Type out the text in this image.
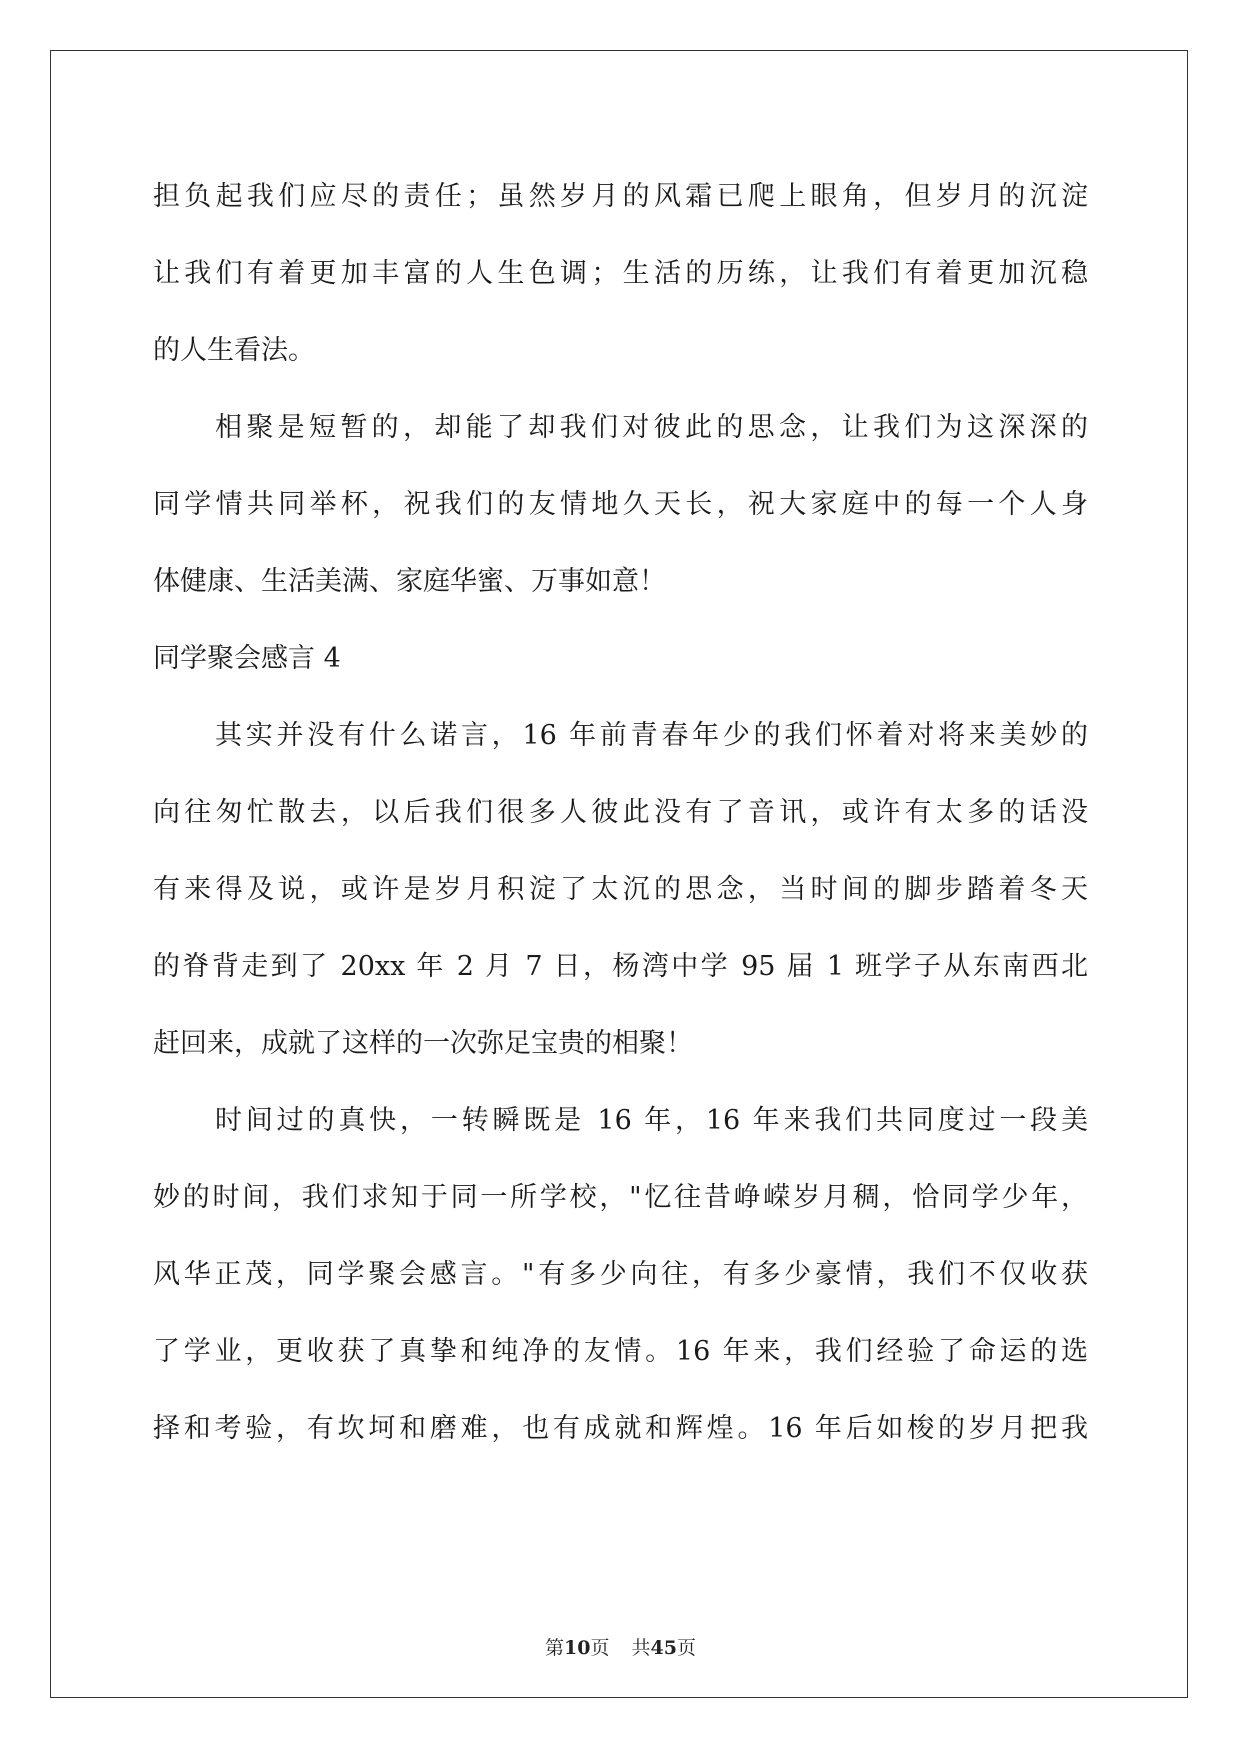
担负起我们应尽的责任；虽然岁月的风霜已爬上眼角，但岁月的沉淀
让我们有着更加丰富的人生色调；生活的历练，让我们有着更加沉稳
的人生看法。
相聚是短暂的，却能了却我们对彼此的思念，让我们为这深深的
同学情共同举杯，祝我们的友情地久天长，祝大家庭中的每一个人身
体健康、生活美满、家庭华蜜、万事如意！
同学聚会感言 4
其实并没有什么诺言，16 年前青春年少的我们怀着对将来美妙的
向往匆忙散去，以后我们很多人彼此没有了音讯，或许有太多的话没
有来得及说，或许是岁月积淀了太沉的思念，当时间的脚步踏着冬天
的脊背走到了 20xx 年 2 月 7 日，杨湾中学 95 届 1 班学子从东南西北
赶回来，成就了这样的一次弥足宝贵的相聚！
时间过的真快，一转瞬既是 16 年，16 年来我们共同度过一段美
妙的时间，我们求知于同一所学校，"忆往昔峥嵘岁月稠，恰同学少年，
风华正茂，同学聚会感言。"有多少向往，有多少豪情，我们不仅收获
了学业，更收获了真挚和纯净的友情。16 年来，我们经验了命运的选
择和考验，有坎坷和磨难，也有成就和辉煌。16 年后如梭的岁月把我
第10页 共45页
